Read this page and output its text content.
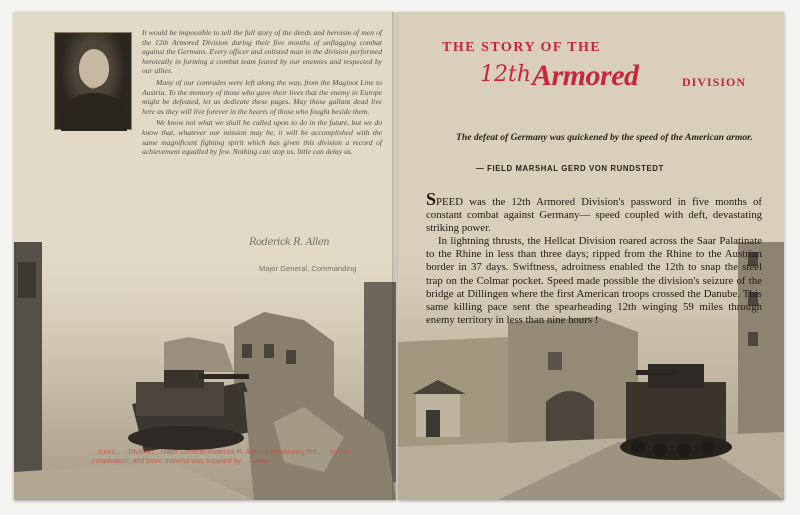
It would be impossible to tell the full story of the deeds and heroism of men of the 12th Armored Division during their five months of unflagging combat against the Germans. Every officer and enlisted man in the division performed heroically in forming a combat team feared by our enemies and respected by our allies.

Many of our comrades were left along the way, from the Maginot Line to Austria. To the memory of those who gave their lives that the enemy in Europe might be defeated, let us dedicate these pages. May those gallant dead live here as they will live forever in the hearts of those who fought beside them.

We know not what we shall be called upon to do in the future, but we do know that, whatever our mission may be, it will be accomplished with the same magnificent fighting spirit which has given this division a record of achievement equalled by few. Nothing can stop us, little can delay us.

...cures... ...Division... Major General Roderick R. Allen, commanding the... ...for his cooperation, and basic material was supplied by... ...ohio.
THE STORY OF THE
12th Armored	DIVISION
The defeat of Germany was quickened by the speed of the American armor.
— FIELD MARSHAL GERD VON RUNDSTEDT

SPEED was the 12th Armored Division's password in five months of constant combat against Germany— speed coupled with deft, devastating striking power.

In lightning thrusts, the Hellcat Division roared across the Saar Palatinate to the Rhine in less than three days; ripped from the Rhine to the Austrian border in 37 days. Swiftness, adroitness enabled the 12th to snap the steel trap on the Colmar pocket. Speed made possible the division's seizure of the bridge at Dillingen where the first American troops crossed the Danube. This same killing pace sent the spearheading 12th winging 59 miles through enemy territory in less than nine hours !
